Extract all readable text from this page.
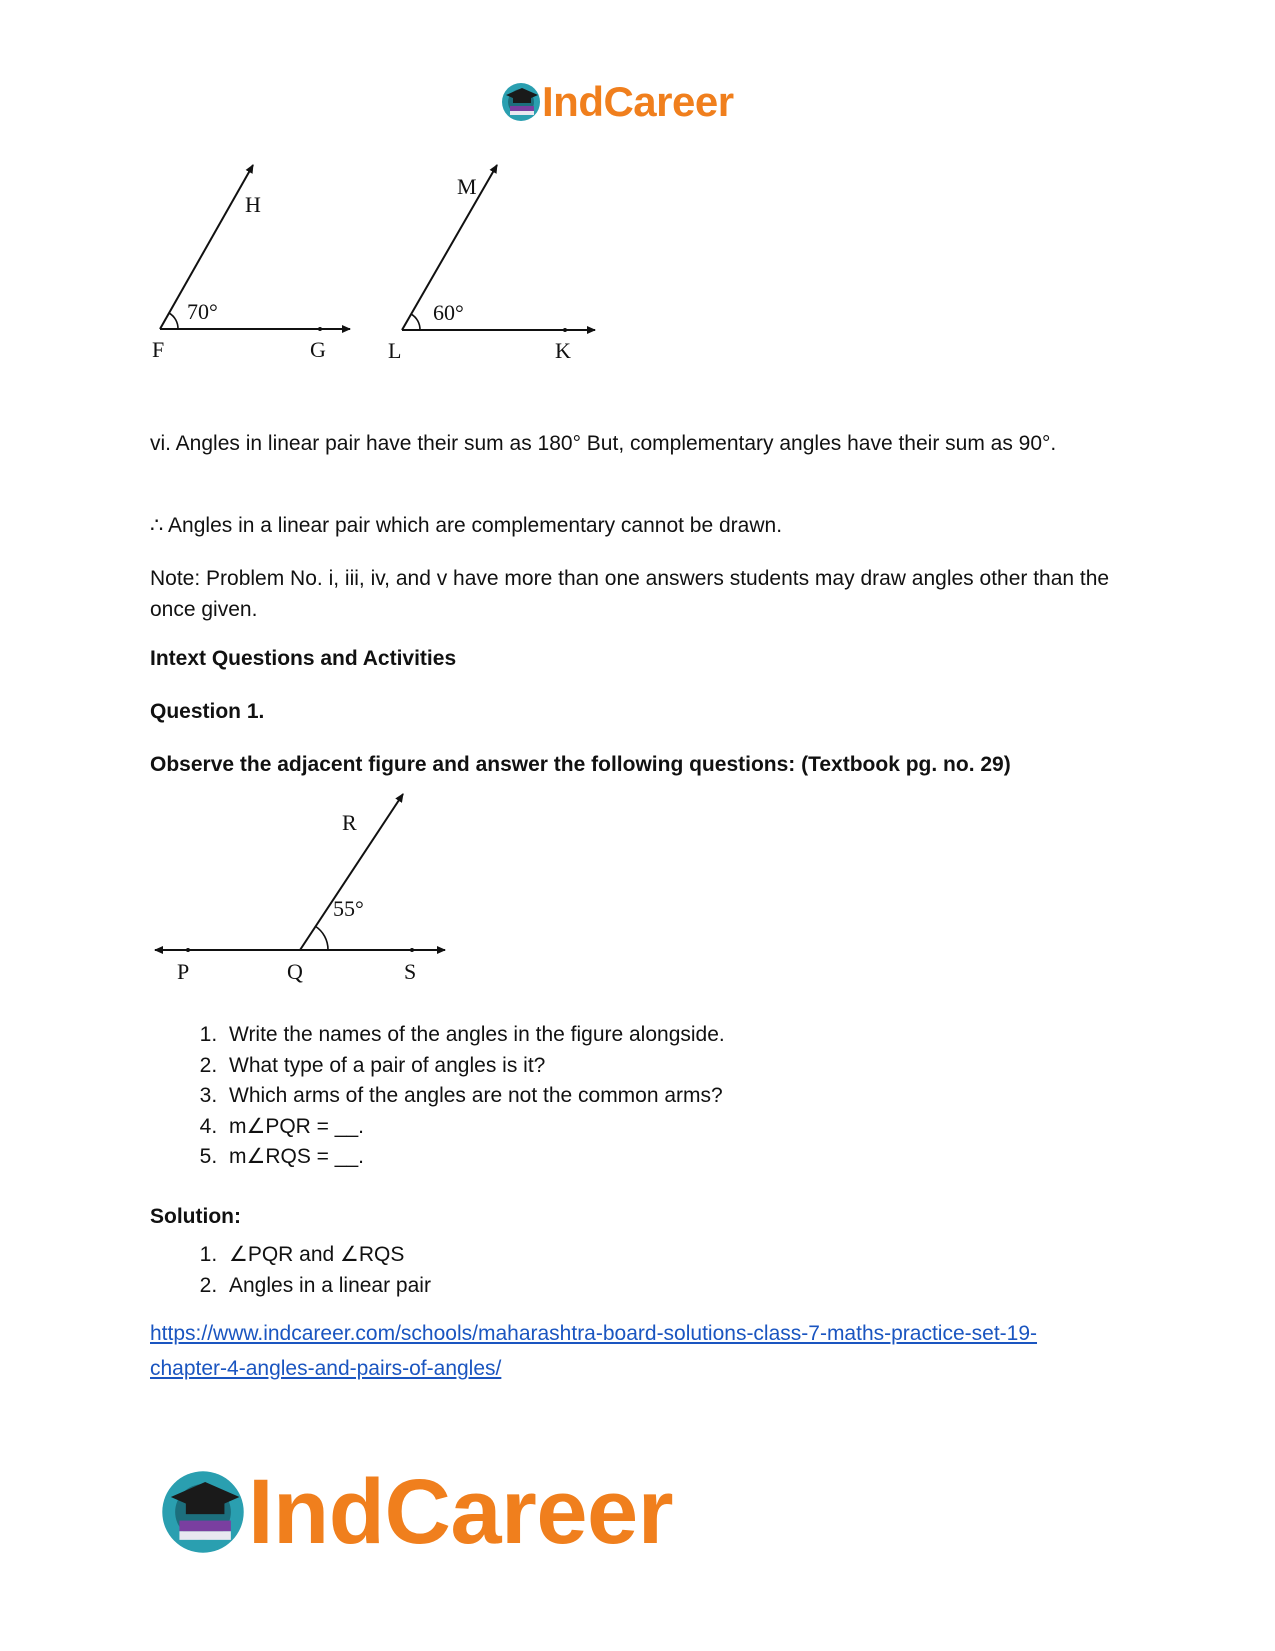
IndCareer
70°
H
F	G
60°
M
L	K

vi. Angles in linear pair have their sum as 180° But, complementary angles have their sum as 90°.

∴ Angles in a linear pair which are complementary cannot be drawn.

Note: Problem No. i, iii, iv, and v have more than one answers students may draw angles other than the once given.

Intext Questions and Activities

Question 1.

Observe the adjacent figure and answer the following questions: (Textbook pg. no. 29)

55°
R
P	Q	S
1. Write the names of the angles in the figure alongside.
2. What type of a pair of angles is it?
3. Which arms of the angles are not the common arms?
4. m∠PQR = __.
5. m∠RQS = __.

Solution:

1. ∠PQR and ∠RQS
2. Angles in a linear pair

https://www.indcareer.com/schools/maharashtra-board-solutions-class-7-maths-practice-set-19-
chapter-4-angles-and-pairs-of-angles/

IndCareer
